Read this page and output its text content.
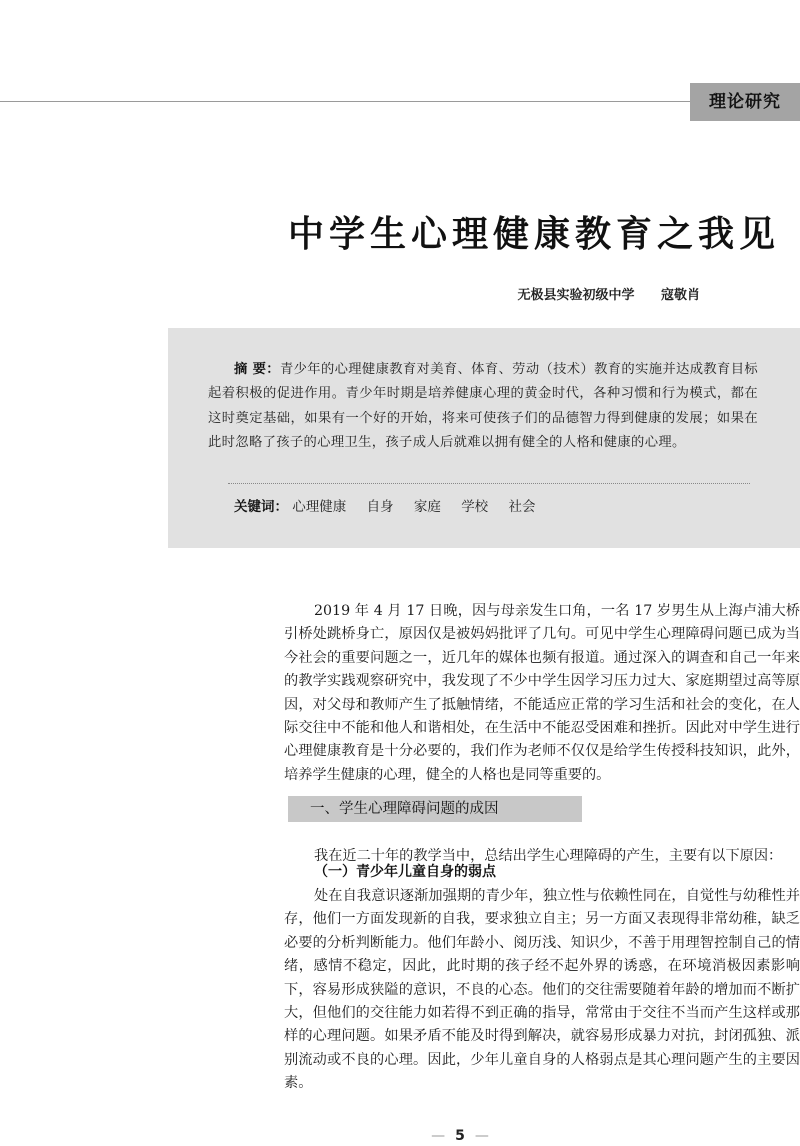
理论研究
中学生心理健康教育之我见
无极县实验初级中学 寇敬肖
摘 要：青少年的心理健康教育对美育、体育、劳动（技术）教育的实施并达成教育目标起着积极的促进作用。青少年时期是培养健康心理的黄金时代，各种习惯和行为模式，都在这时奠定基础，如果有一个好的开始，将来可使孩子们的品德智力得到健康的发展；如果在此时忽略了孩子的心理卫生，孩子成人后就难以拥有健全的人格和健康的心理。
关键词： 心理健康 自身 家庭 学校 社会
2019 年 4 月 17 日晚，因与母亲发生口角，一名 17 岁男生从上海卢浦大桥引桥处跳桥身亡，原因仅是被妈妈批评了几句。可见中学生心理障碍问题已成为当今社会的重要问题之一，近几年的媒体也频有报道。通过深入的调查和自己一年来的教学实践观察研究中，我发现了不少中学生因学习压力过大、家庭期望过高等原因，对父母和教师产生了抵触情绪，不能适应正常的学习生活和社会的变化，在人际交往中不能和他人和谐相处，在生活中不能忍受困难和挫折。因此对中学生进行心理健康教育是十分必要的，我们作为老师不仅仅是给学生传授科技知识，此外，培养学生健康的心理，健全的人格也是同等重要的。
一、学生心理障碍问题的成因
我在近二十年的教学当中，总结出学生心理障碍的产生，主要有以下原因：
（一）青少年儿童自身的弱点
处在自我意识逐渐加强期的青少年，独立性与依赖性同在，自觉性与幼稚性并存，他们一方面发现新的自我，要求独立自主；另一方面又表现得非常幼稚，缺乏必要的分析判断能力。他们年龄小、阅历浅、知识少，不善于用理智控制自己的情绪，感情不稳定，因此，此时期的孩子经不起外界的诱惑，在环境消极因素影响下，容易形成狭隘的意识，不良的心态。他们的交往需要随着年龄的增加而不断扩大，但他们的交往能力如若得不到正确的指导，常常由于交往不当而产生这样或那样的心理问题。如果矛盾不能及时得到解决，就容易形成暴力对抗，封闭孤独、派别流动或不良的心理。因此，少年儿童自身的人格弱点是其心理问题产生的主要因素。
— 5 —
